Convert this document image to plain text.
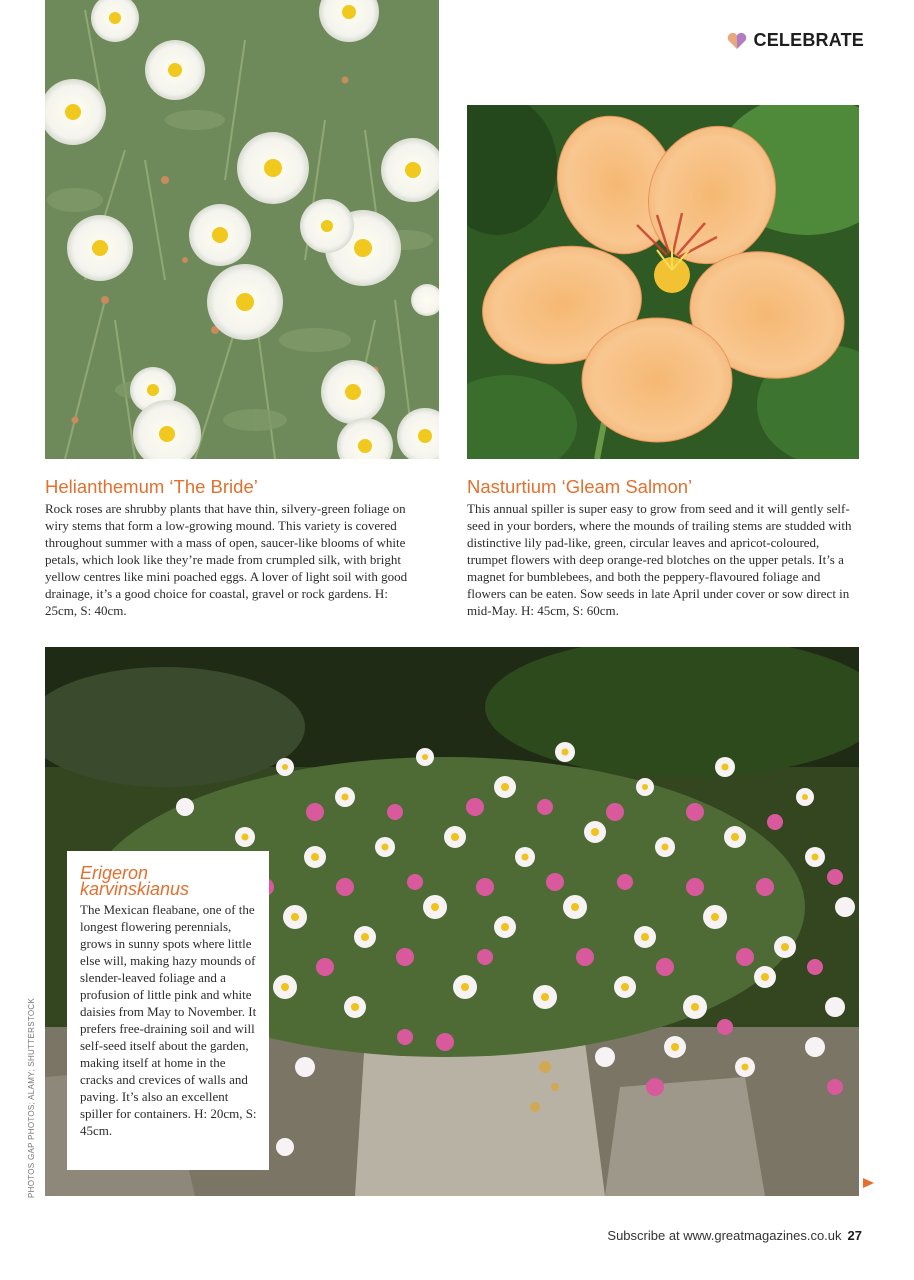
CELEBRATE
Helianthemum ‘The Bride’

Rock roses are shrubby plants that have thin, silvery-green foliage on wiry stems that form a low-growing mound. This variety is covered throughout summer with a mass of open, saucer-like blooms of white petals, which look like they’re made from crumpled silk, with bright yellow centres like mini poached eggs. A lover of light soil with good drainage, it’s a good choice for coastal, gravel or rock gardens. H: 25cm, S: 40cm.

Nasturtium ‘Gleam Salmon’

This annual spiller is super easy to grow from seed and it will gently self-seed in your borders, where the mounds of trailing stems are studded with distinctive lily pad-like, green, circular leaves and apricot-coloured, trumpet flowers with deep orange-red blotches on the upper petals. It’s a magnet for bumblebees, and both the peppery-flavoured foliage and flowers can be eaten. Sow seeds in late April under cover or sow direct in mid-May. H: 45cm, S: 60cm.

Erigeron karvinskianus

The Mexican fleabane, one of the longest flowering perennials, grows in sunny spots where little else will, making hazy mounds of slender-leaved foliage and a profusion of little pink and white daisies from May to November. It prefers free-draining soil and will self-seed itself about the garden, making itself at home in the cracks and crevices of walls and paving. It’s also an excellent spiller for containers. H: 20cm, S: 45cm.

PHOTOS GAP PHOTOS; ALAMY; SHUTTERSTOCK
Subscribe at www.greatmagazines.co.uk 27
